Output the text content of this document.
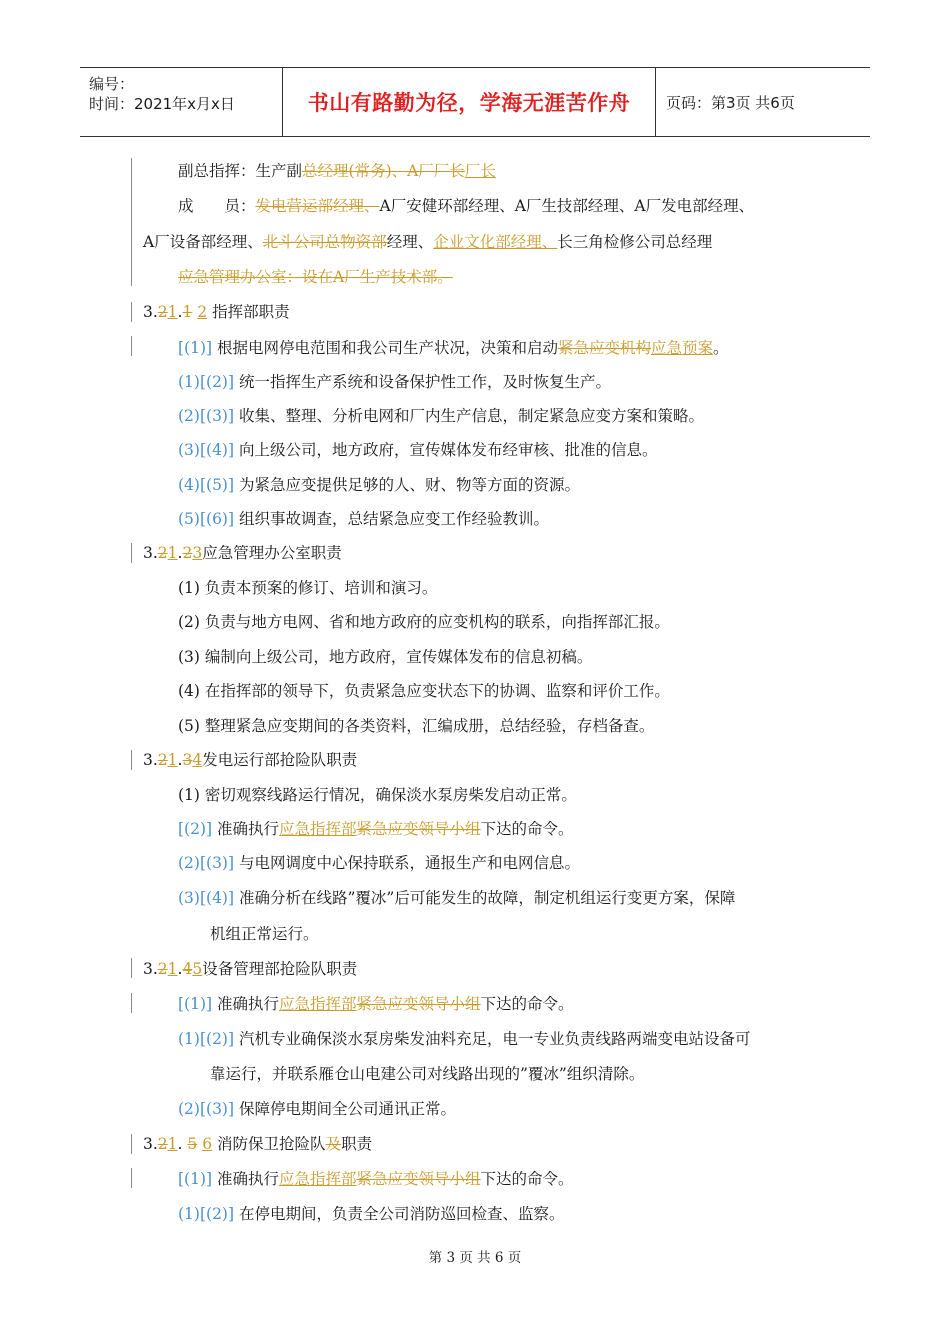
编号：
时间：2021年x月x日	书山有路勤为径，学海无涯苦作舟 页码：第3页 共6页
副总指挥：生产副总经理(常务)、A厂厂长厂长
成　　员：发电营运部经理、A厂安健环部经理、A厂生技部经理、A厂发电部经理、
A厂设备部经理、北斗公司总物资部经理、企业文化部经理、长三角检修公司总经理
应急管理办公室：设在A厂生产技术部。
3.21.1 2 指挥部职责
[(1)] 根据电网停电范围和我公司生产状况，决策和启动紧急应变机构应急预案。
(1)[(2)] 统一指挥生产系统和设备保护性工作，及时恢复生产。
(2)[(3)] 收集、整理、分析电网和厂内生产信息，制定紧急应变方案和策略。
(3)[(4)] 向上级公司，地方政府，宣传媒体发布经审核、批准的信息。
(4)[(5)] 为紧急应变提供足够的人、财、物等方面的资源。
(5)[(6)] 组织事故调查，总结紧急应变工作经验教训。
3.21.23应急管理办公室职责
(1) 负责本预案的修订、培训和演习。
(2) 负责与地方电网、省和地方政府的应变机构的联系，向指挥部汇报。
(3) 编制向上级公司，地方政府，宣传媒体发布的信息初稿。
(4) 在指挥部的领导下，负责紧急应变状态下的协调、监察和评价工作。
(5) 整理紧急应变期间的各类资料，汇编成册，总结经验，存档备查。
3.21.34发电运行部抢险队职责
(1) 密切观察线路运行情况，确保淡水泵房柴发启动正常。
[(2)] 准确执行应急指挥部紧急应变领导小组下达的命令。
(2)[(3)] 与电网调度中心保持联系，通报生产和电网信息。
(3)[(4)] 准确分析在线路”覆冰”后可能发生的故障，制定机组运行变更方案，保障
机组正常运行。
3.21.45设备管理部抢险队职责
[(1)] 准确执行应急指挥部紧急应变领导小组下达的命令。
(1)[(2)] 汽机专业确保淡水泵房柴发油料充足，电一专业负责线路两端变电站设备可
靠运行，并联系雁仓山电建公司对线路出现的”覆冰”组织清除。
(2)[(3)] 保障停电期间全公司通讯正常。
3.21. 5 6 消防保卫抢险队及职责
[(1)] 准确执行应急指挥部紧急应变领导小组下达的命令。
(1)[(2)] 在停电期间，负责全公司消防巡回检查、监察。
第 3 页 共 6 页
